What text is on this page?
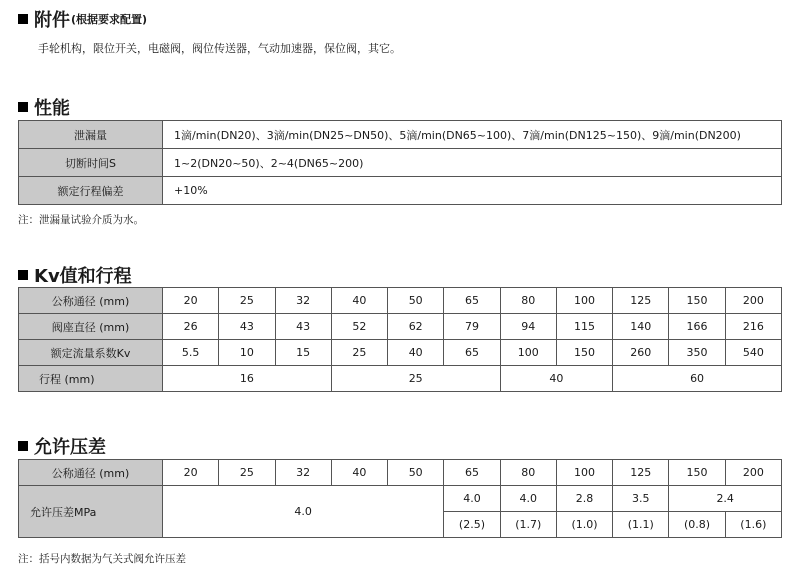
附件 (根据要求配置)
手轮机构，限位开关，电磁阀，阀位传送器，气动加速器，保位阀，其它。
性能
泄漏量	1滴/min(DN20)、3滴/min(DN25~DN50)、5滴/min(DN65~100)、7滴/min(DN125~150)、9滴/min(DN200)
切断时间S	1~2(DN20~50)、2~4(DN65~200)
额定行程偏差	+10%
注：泄漏量试验介质为水。
Kv值和行程
公称通径 (mm)	20	25	32	40	50	65	80	100	125	150	200
阀座直径 (mm)	26	43	43	52	62	79	94	115	140	166	216
额定流量系数Kv	5.5	10	15	25	40	65	100	150	260	350	540
行程 (mm)	16			25			40		60		
允许压差
公称通径 (mm)	20	25	32	40	50	65	80	100	125	150	200
允许压差MPa	4.0					4.0	4.0	2.8	3.5	2.4	
						(2.5)	(1.7)	(1.0)	(1.1)	(0.8)	(1.6)
注：括号内数据为气关式阀允许压差
